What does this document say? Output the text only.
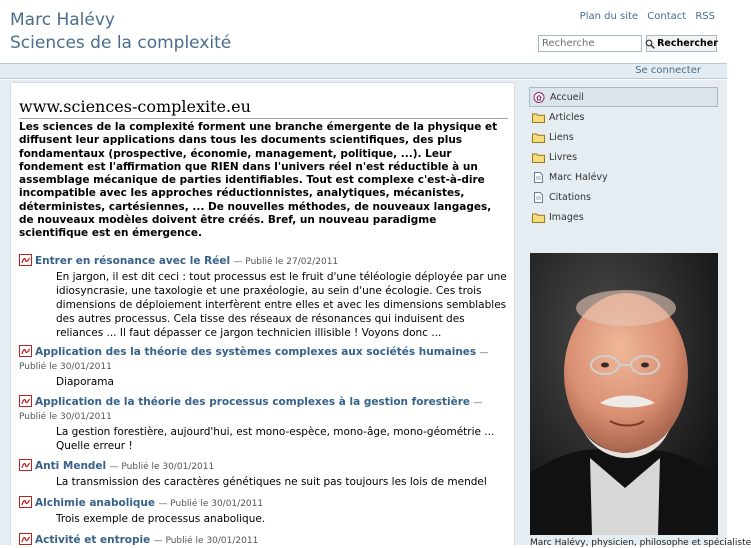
Marc Halévy
Sciences de la complexité
Plan du site Contact RSS
Recherche
Rechercher
Se connecter
www.sciences-complexite.eu
Les sciences de la complexité forment une branche émergente de la physique et diffusent leur applications dans tous les documents scientifiques, des plus fondamentaux (prospective, économie, management, politique, ...). Leur fondement est l'affirmation que RIEN dans l'univers réel n'est réductible à un assemblage mécanique de parties identifiables. Tout est complexe c'est-à-dire incompatible avec les approches réductionnistes, analytiques, mécanistes, déterministes, cartésiennes, ... De nouvelles méthodes, de nouveaux langages, de nouveaux modèles doivent être créés. Bref, un nouveau paradigme scientifique est en émergence.
Entrer en résonance avec le Réel — Publié le 27/02/2011
En jargon, il est dit ceci : tout processus est le fruit d'une téléologie déployée par une idiosyncrasie, une taxologie et une praxéologie, au sein d'une écologie. Ces trois dimensions de déploiement interfèrent entre elles et avec les dimensions semblables des autres processus. Cela tisse des réseaux de résonances qui induisent des reliances ... Il faut dépasser ce jargon technicien illisible ! Voyons donc ...
Application des la théorie des systèmes complexes aux sociétés humaines —
Publié le 30/01/2011
Diaporama
Application de la théorie des processus complexes à la gestion forestière —
Publié le 30/01/2011
La gestion forestière, aujourd'hui, est mono-espèce, mono-âge, mono-géométrie ... Quelle erreur !
Anti Mendel — Publié le 30/01/2011
La transmission des caractères génétiques ne suit pas toujours les lois de mendel
Alchimie anabolique — Publié le 30/01/2011
Trois exemple de processus anabolique.
Activité et entropie — Publié le 30/01/2011
Accueil
Articles
Liens
Livres
Marc Halévy
Citations
Images
Marc Halévy, physicien, philosophe et spécialiste
